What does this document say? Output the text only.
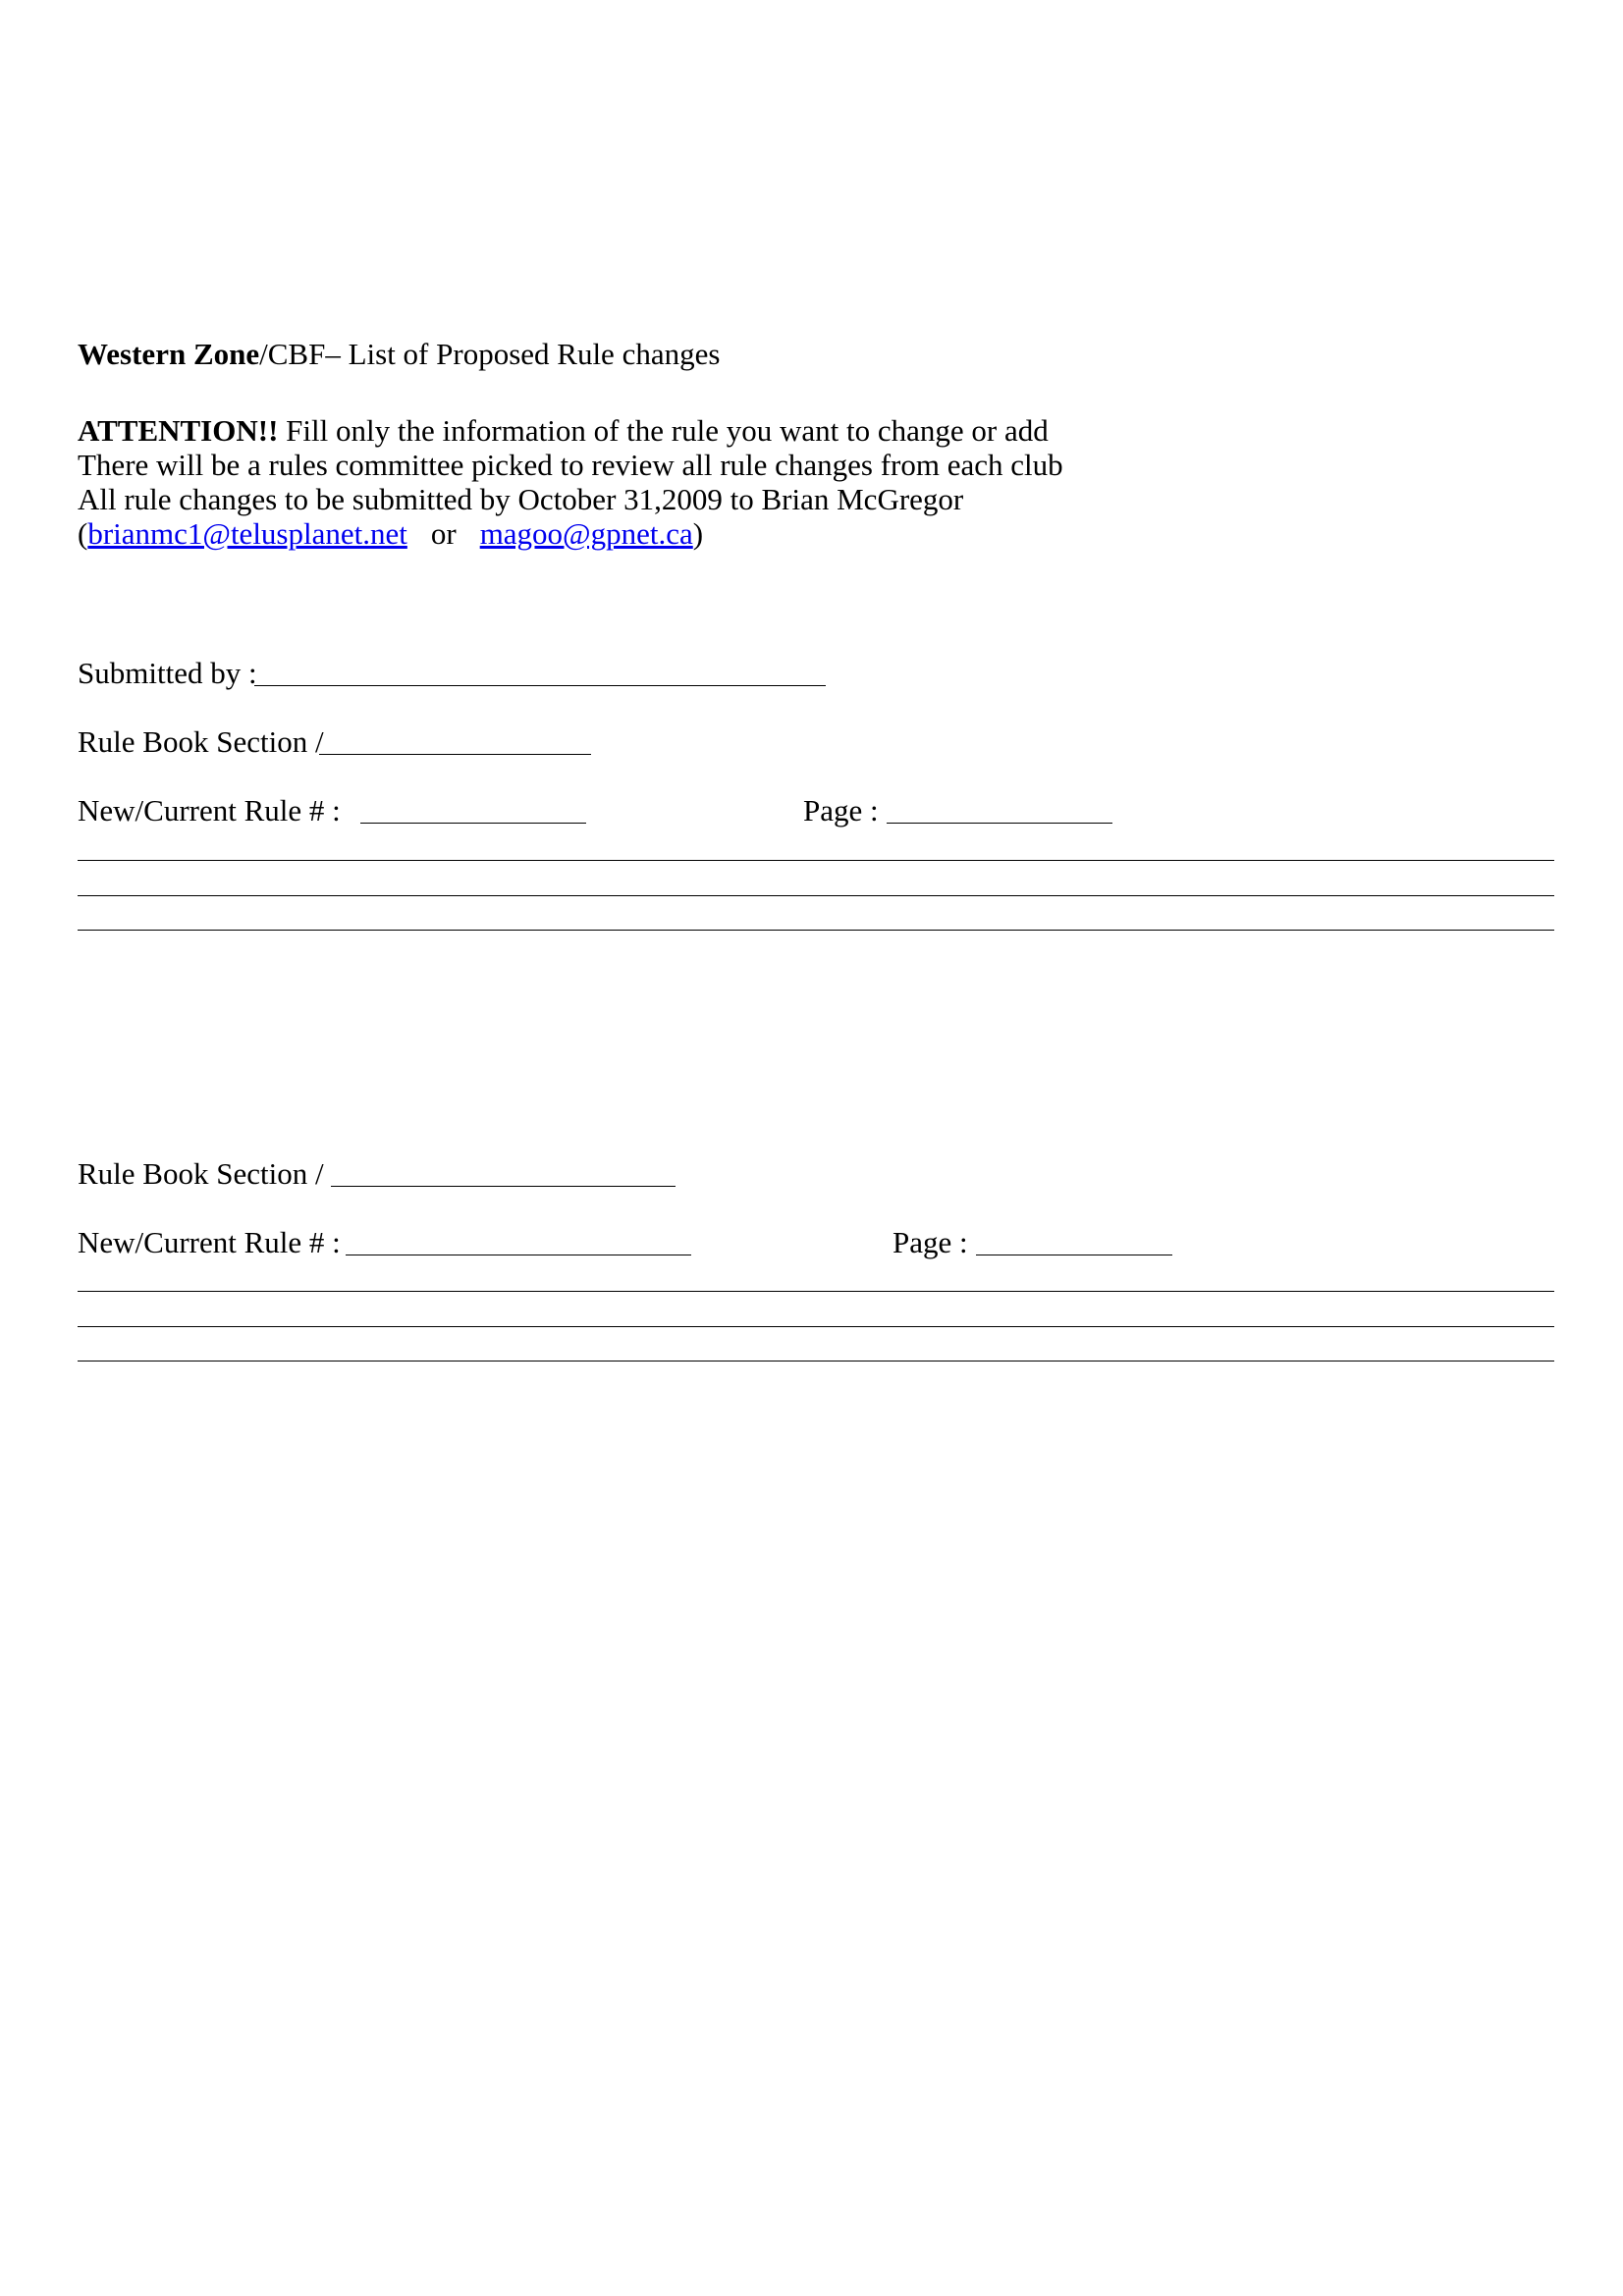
Western Zone/CBF– List of Proposed Rule changes
ATTENTION!! Fill only the information of the rule you want to change or add
There will be a rules committee picked to review all rule changes from each club
All rule changes to be submitted by October 31,2009 to Brian McGregor
(brianmc1@telusplanet.net or magoo@gpnet.ca)
Submitted by :
Rule Book Section /
New/Current Rule # :	Page :
Rule Book Section /
New/Current Rule # :	Page :
